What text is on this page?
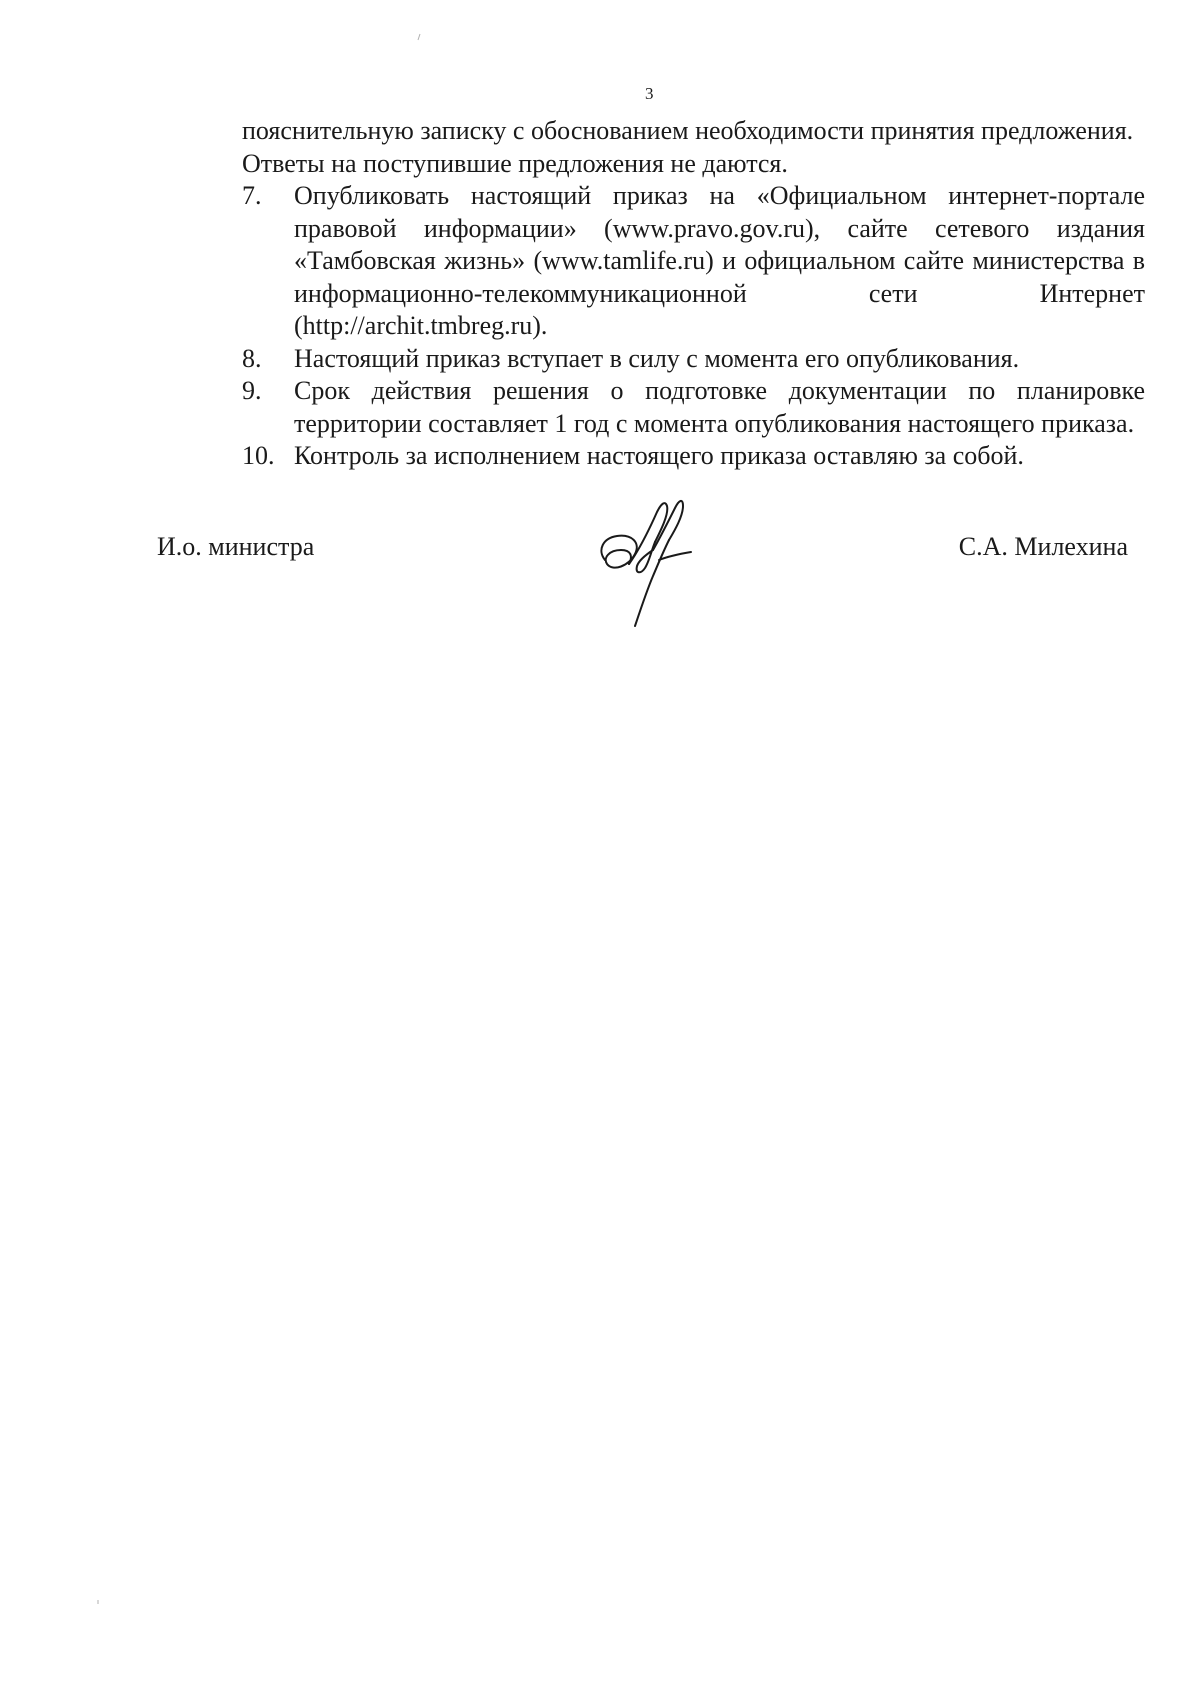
3

пояснительную записку с обоснованием необходимости принятия предложения.

Ответы на поступившие предложения не даются.

7.	Опубликовать настоящий приказ на «Официальном интернет-портале правовой информации» (www.pravo.gov.ru), сайте сетевого издания «Тамбовская жизнь» (www.tamlife.ru) и официальном сайте министерства в информационно-телекоммуникационной сети Интернет (http://archit.tmbreg.ru).
8.	Настоящий приказ вступает в силу с момента его опубликования.
9.	Срок действия решения о подготовке документации по планировке территории составляет 1 год с момента опубликования настоящего приказа.
10. Контроль за исполнением настоящего приказа оставляю за собой.
И.о. министра	С.А. Милехина
